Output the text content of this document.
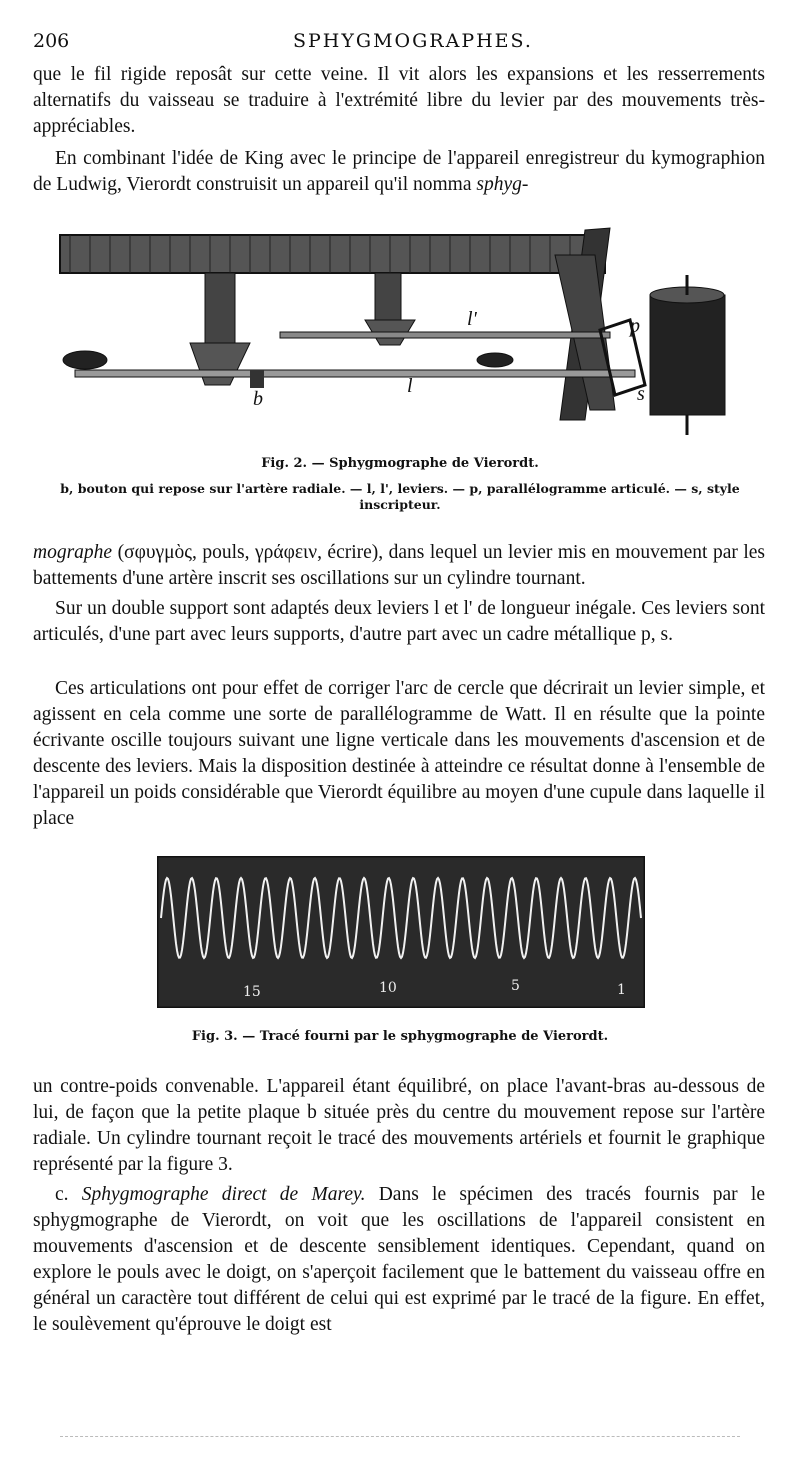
206	SPHYGMOGRAPHES.

que le fil rigide reposât sur cette veine. Il vit alors les expansions et les resserrements alternatifs du vaisseau se traduire à l'extrémité libre du levier par des mouvements très-appréciables.

En combinant l'idée de King avec le principe de l'appareil enregistreur du kymographion de Ludwig, Vierordt construisit un appareil qu'il nomma sphyg-

b
l
l'	p
s
Fig. 2. — Sphygmographe de Vierordt.
b, bouton qui repose sur l'artère radiale. — l, l', leviers. — p, parallélogramme articulé. — s, style inscripteur.

mographe (σφυγμὸς, pouls, γράφειν, écrire), dans lequel un levier mis en mouvement par les battements d'une artère inscrit ses oscillations sur un cylindre tournant.

Sur un double support sont adaptés deux leviers l et l' de longueur inégale. Ces leviers sont articulés, d'une part avec leurs supports, d'autre part avec un cadre métallique p, s.

Ces articulations ont pour effet de corriger l'arc de cercle que décrirait un levier simple, et agissent en cela comme une sorte de parallélogramme de Watt. Il en résulte que la pointe écrivante oscille toujours suivant une ligne verticale dans les mouvements d'ascension et de descente des leviers. Mais la disposition destinée à atteindre ce résultat donne à l'ensemble de l'appareil un poids considérable que Vierordt équilibre au moyen d'une cupule dans laquelle il place

15	10	5	1
Fig. 3. — Tracé fourni par le sphygmographe de Vierordt.

un contre-poids convenable. L'appareil étant équilibré, on place l'avant-bras au-dessous de lui, de façon que la petite plaque b située près du centre du mouvement repose sur l'artère radiale. Un cylindre tournant reçoit le tracé des mouvements artériels et fournit le graphique représenté par la figure 3.

c. Sphygmographe direct de Marey. Dans le spécimen des tracés fournis par le sphygmographe de Vierordt, on voit que les oscillations de l'appareil consistent en mouvements d'ascension et de descente sensiblement identiques. Cependant, quand on explore le pouls avec le doigt, on s'aperçoit facilement que le battement du vaisseau offre en général un caractère tout différent de celui qui est exprimé par le tracé de la figure. En effet, le soulèvement qu'éprouve le doigt est
